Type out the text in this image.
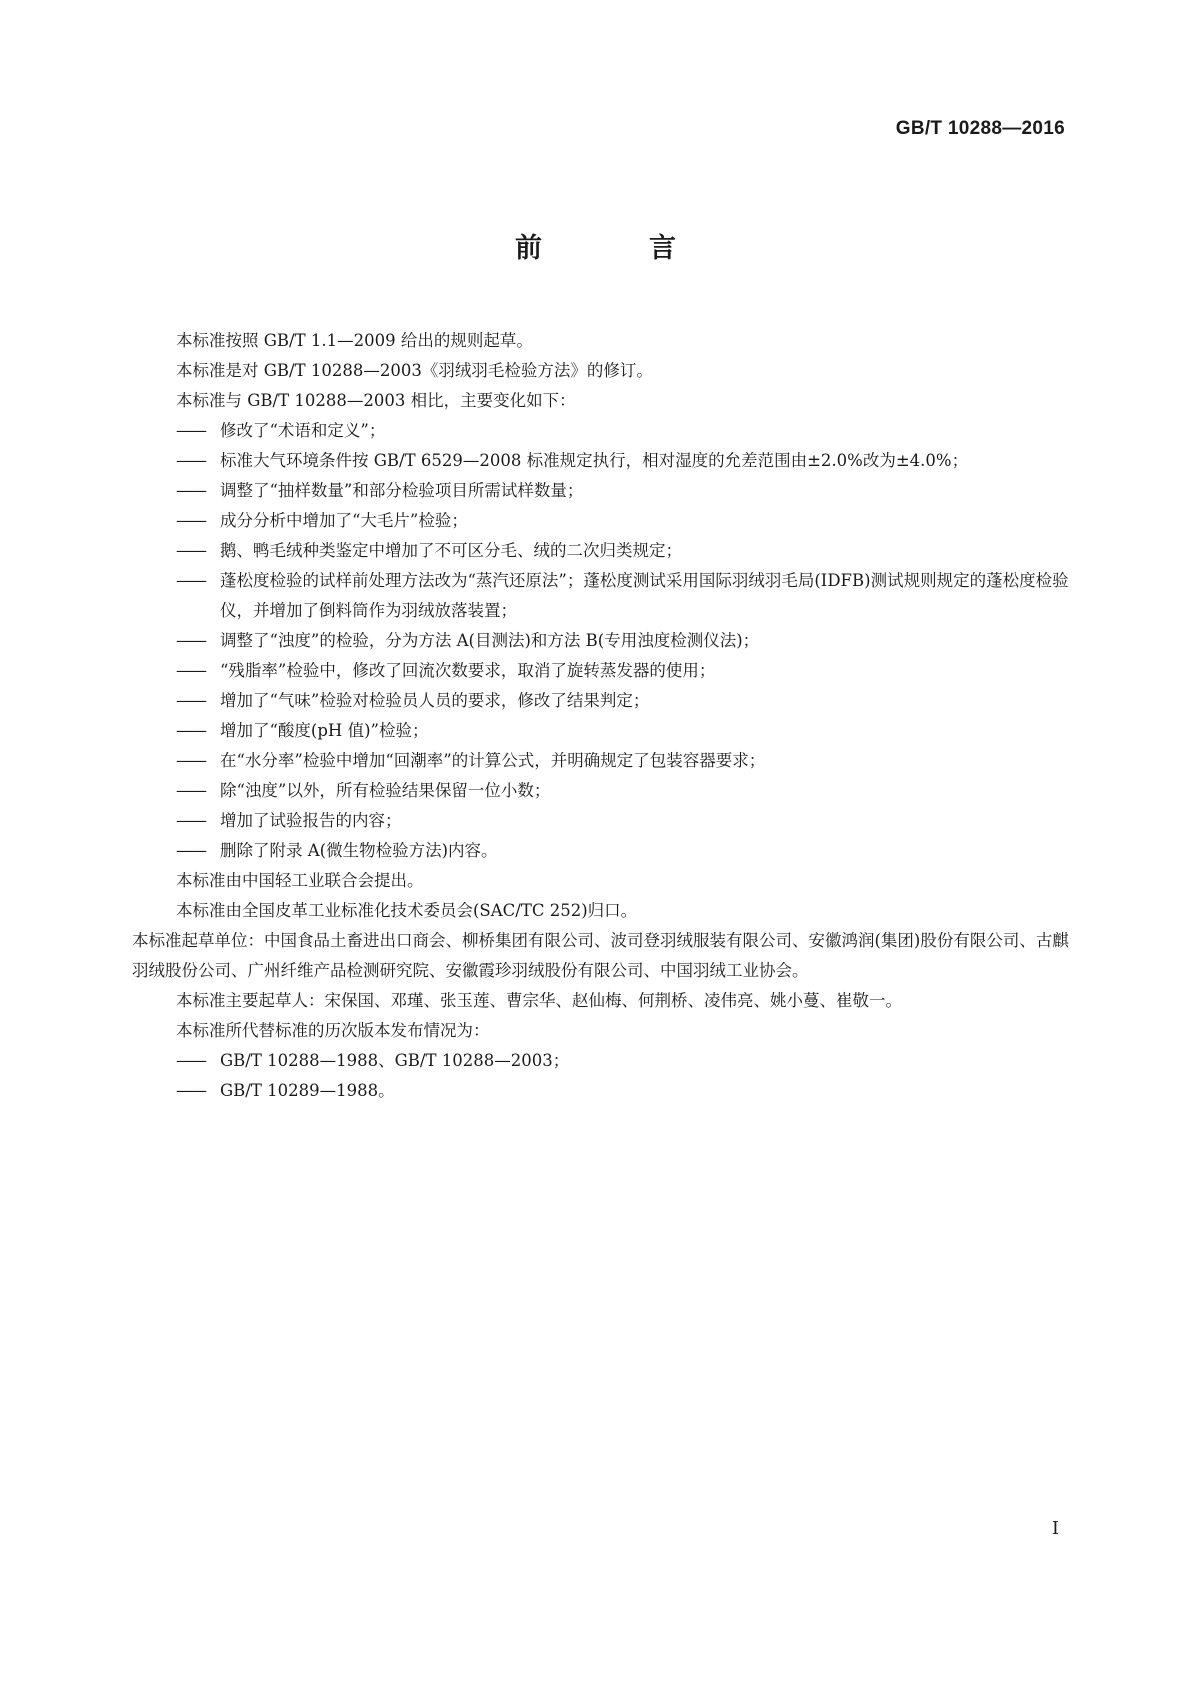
GB/T 10288—2016
前　言

本标准按照 GB/T 1.1—2009 给出的规则起草。

本标准是对 GB/T 10288—2003《羽绒羽毛检验方法》的修订。

本标准与 GB/T 10288—2003 相比，主要变化如下：

—— 修改了“术语和定义”；

—— 标准大气环境条件按 GB/T 6529—2008 标准规定执行，相对湿度的允差范围由±2.0%改为±4.0%；

—— 调整了“抽样数量”和部分检验项目所需试样数量；

—— 成分分析中增加了“大毛片”检验；

—— 鹅、鸭毛绒种类鉴定中增加了不可区分毛、绒的二次归类规定；

—— 蓬松度检验的试样前处理方法改为“蒸汽还原法”；蓬松度测试采用国际羽绒羽毛局(IDFB)测试规则规定的蓬松度检验仪，并增加了倒料筒作为羽绒放落装置；

—— 调整了“浊度”的检验，分为方法 A(目测法)和方法 B(专用浊度检测仪法)；

—— “残脂率”检验中，修改了回流次数要求，取消了旋转蒸发器的使用；

—— 增加了“气味”检验对检验员人员的要求，修改了结果判定；

—— 增加了“酸度(pH 值)”检验；

—— 在“水分率”检验中增加“回潮率”的计算公式，并明确规定了包装容器要求；

—— 除“浊度”以外，所有检验结果保留一位小数；

—— 增加了试验报告的内容；

—— 删除了附录 A(微生物检验方法)内容。

本标准由中国轻工业联合会提出。

本标准由全国皮革工业标准化技术委员会(SAC/TC 252)归口。

本标准起草单位：中国食品土畜进出口商会、柳桥集团有限公司、波司登羽绒服装有限公司、安徽鸿润(集团)股份有限公司、古麒羽绒股份公司、广州纤维产品检测研究院、安徽霞珍羽绒股份有限公司、中国羽绒工业协会。

本标准主要起草人：宋保国、邓瑾、张玉莲、曹宗华、赵仙梅、何荆桥、凌伟亮、姚小蔓、崔敬一。

本标准所代替标准的历次版本发布情况为：

—— GB/T 10288—1988、GB/T 10288—2003；

—— GB/T 10289—1988。

I
